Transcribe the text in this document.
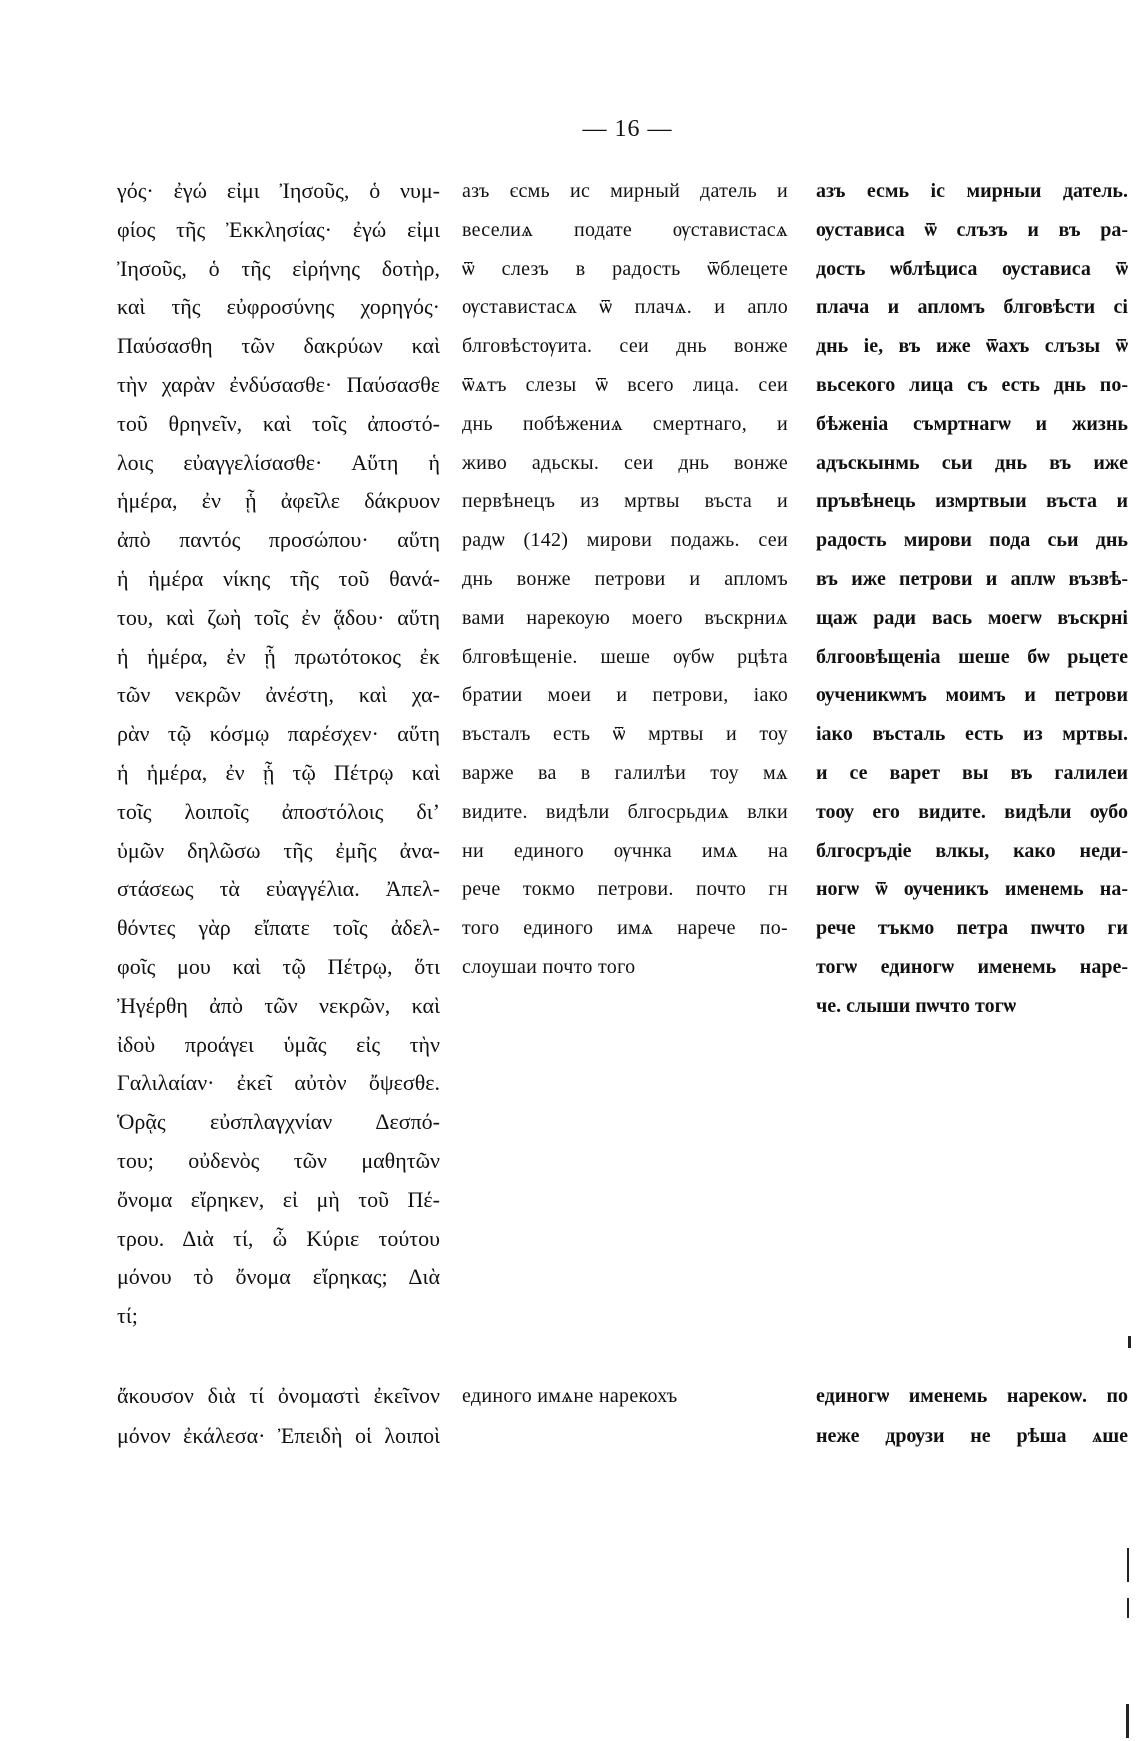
— 16 —
γός· ἐγώ εἰμι Ἰησοῦς, ὁ νυμ-
φίος τῆς Ἐκκλησίας· ἐγώ εἰμι
Ἰησοῦς, ὁ τῆς εἰρήνης δοτὴρ,
καὶ τῆς εὐφροσύνης χορηγός·
Παύσασθη τῶν δακρύων καὶ
τὴν χαρὰν ἐνδύσασθε· Παύσασθε
τοῦ θρηνεῖν, καὶ τοῖς ἀποστό-
λοις εὐαγγελίσασθε· Αὕτη ἡ
ἡμέρα, ἐν ᾗ ἀφεῖλε δάκρυον
ἀπὸ παντός προσώπου· αὕτη
ἡ ἡμέρα νίκης τῆς τοῦ θανά-
του, καὶ ζωὴ τοῖς ἐν ᾅδου· αὕτη
ἡ ἡμέρα, ἐν ᾗ πρωτότοκος ἐκ
τῶν νεκρῶν ἀνέστη, καὶ χα-
ρὰν τῷ κόσμῳ παρέσχεν· αὕτη
ἡ ἡμέρα, ἐν ᾗ τῷ Πέτρῳ καὶ
τοῖς λοιποῖς ἀποστόλοις δι’
ὑμῶν δηλῶσω τῆς ἐμῆς ἀνα-
στάσεως τὰ εὐαγγέλια. Ἀπελ-
θόντες γὰρ εἴπατε τοῖς ἀδελ-
φοῖς μου καὶ τῷ Πέτρῳ, ὅτι
Ἠγέρθη ἀπὸ τῶν νεκρῶν, καὶ
ἰδοὺ προάγει ὑμᾶς εἰς τὴν
Γαλιλαίαν· ἐκεῖ αὐτὸν ὄψεσθε.
Ὁρᾷς εὐσπλαγχνίαν Δεσπό-
του; οὐδενὸς τῶν μαθητῶν
ὄνομα εἴρηκεν, εἰ μὴ τοῦ Πέ-
τρου. Διὰ τί, ὦ Κύριε τούτου
μόνου τὸ ὄνομα εἴρηκας; Διὰ
τί;
азъ єсмь ис мирный датель и
веселиѧ подате ѹставистасѧ
ѿ слезъ в радость ѿблецете
ѹставистасѧ ѿ плачѧ. и апло
блговѣстѹита. сеи днь вонже
ѿѧтъ слезы ѿ всего лица. сеи
днь побѣжениѧ смертнаго, и
живо адьскы. сеи днь вонже
первѣнецъ из мртвы въста и
радѡ (142) мирови подажь. сеи
днь вонже петрови и апломъ
вами нарекоую моего въскрниѧ
блговѣщеніе. шеше ѹбѡ рцѣта
братии моеи и петрови, іако
въсталъ есть ѿ мртвы и тоу
варже ва в галилѣи тоу мѧ
видите. видѣли блгосрьдиѧ влки
ни единого ѹчнка имѧ на
рече токмо петрови. почто гн
того единого имѧ нарече по-
слоушаи почто того
азъ есмь іс мирныи датель.
ѹстависа ѿ слъзъ и въ ра-
дость ѡблѣциса ѹстависа ѿ
плача и апломъ блговѣсти сі
днь іе, въ иже ѿахъ слъзы ѿ
вьсекого лица съ есть днь по-
бѣженіа съмртнагѡ и жизнь
адъскынмь сьи днь въ иже
пръвѣнець измртвыи въста и
радость мирови пода сьи днь
въ иже петрови и аплѡ възвѣ-
щаж ради вась моегѡ въскрні
блгоовѣщеніа шеше бѡ рьцете
ѹченикѡмъ моимъ и петрови
іако въсталь есть из мртвы.
и се варет вы въ галилеи
тоѹ его видите. видѣли ѹбо
блгосръдіе влкы, како неди-
ногѡ ѿ ѹченикъ именемь на-
рече тъкмо петра пѡчто ги
тогѡ единогѡ именемь наре-
че. слыши пѡчто тогѡ
ἄκουσον διὰ τί ὀνομαστὶ ἐκεῖνον
μόνον ἐκάλεσα· Ἐπειδὴ οἱ λοιποὶ
единого имѧне нарекохъ	единогѡ именемь нарекоѡ. по
неже дрѹзи не рѣша ѧше
